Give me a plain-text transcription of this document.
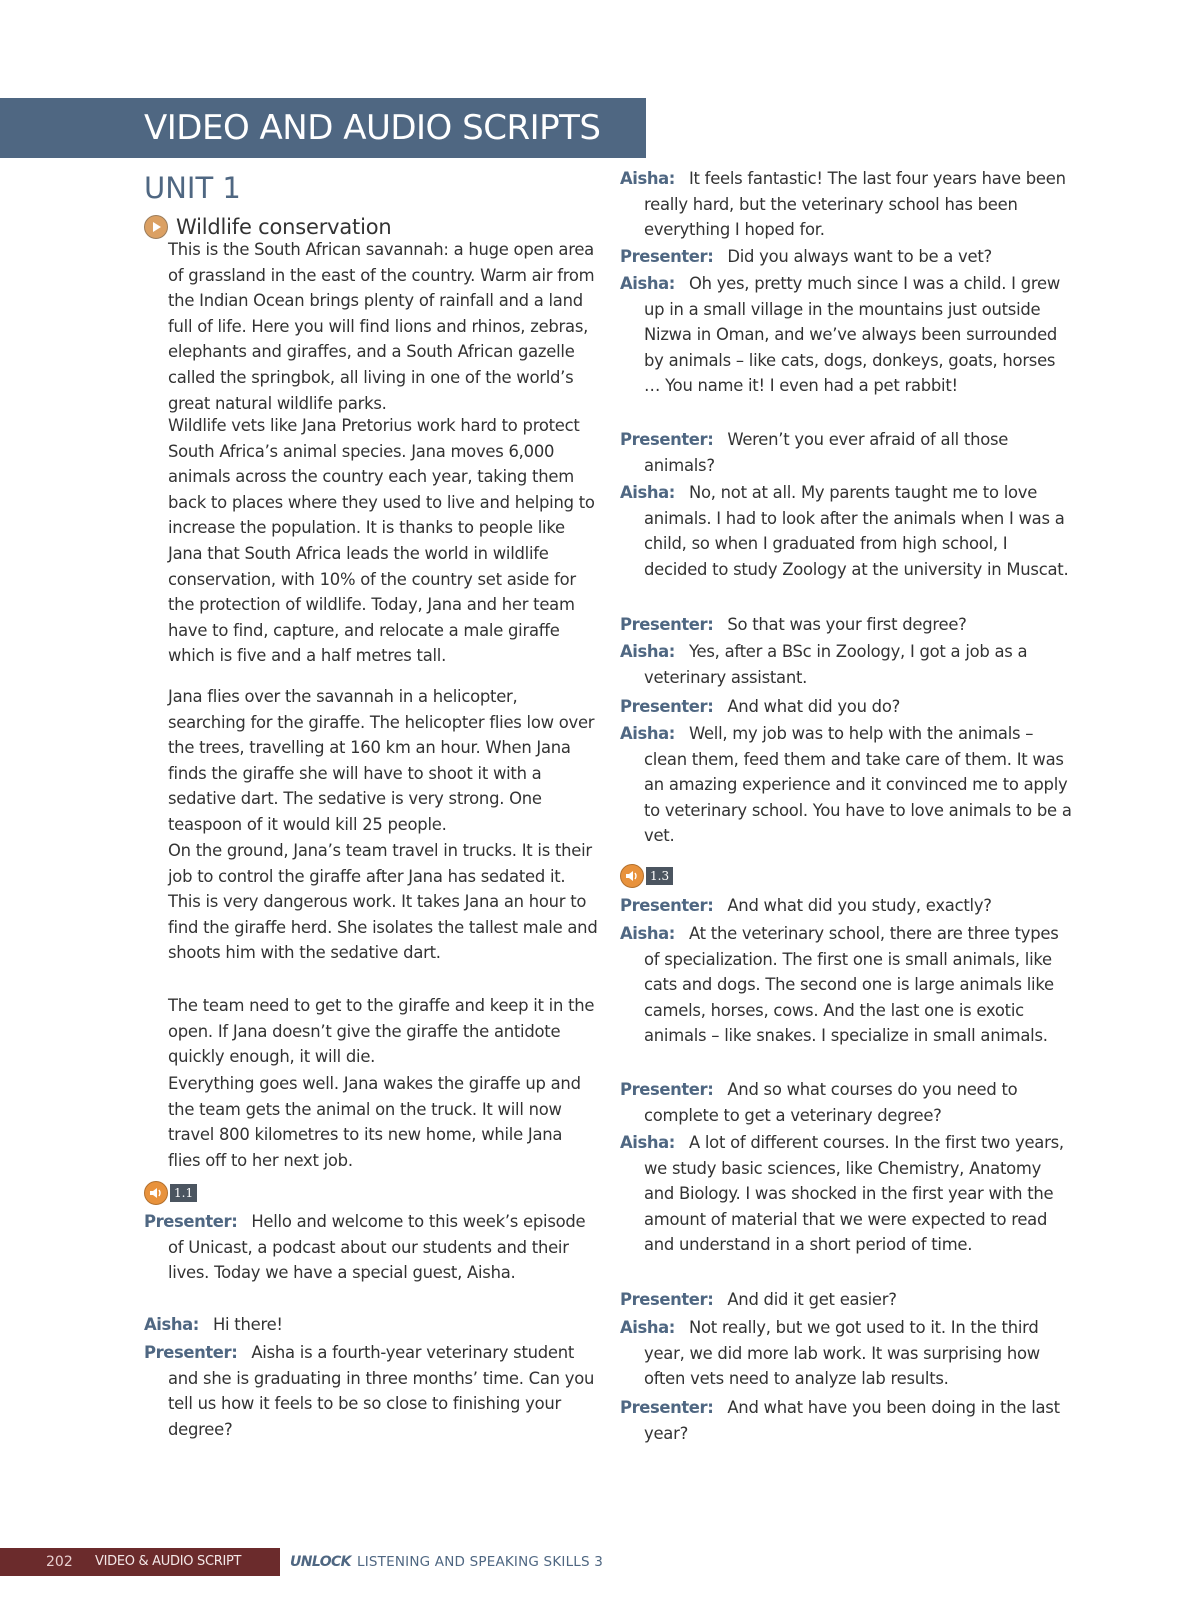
VIDEO AND AUDIO SCRIPTS
UNIT 1
Wildlife conservation

This is the South African savannah: a huge open area of grassland in the east of the country. Warm air from the Indian Ocean brings plenty of rainfall and a land full of life. Here you will find lions and rhinos, zebras, elephants and giraffes, and a South African gazelle called the springbok, all living in one of the world’s great natural wildlife parks.

Wildlife vets like Jana Pretorius work hard to protect South Africa’s animal species. Jana moves 6,000 animals across the country each year, taking them back to places where they used to live and helping to increase the population. It is thanks to people like Jana that South Africa leads the world in wildlife conservation, with 10% of the country set aside for the protection of wildlife. Today, Jana and her team have to find, capture, and relocate a male giraffe which is five and a half metres tall.

Jana flies over the savannah in a helicopter, searching for the giraffe. The helicopter flies low over the trees, travelling at 160 km an hour. When Jana finds the giraffe she will have to shoot it with a sedative dart. The sedative is very strong. One teaspoon of it would kill 25 people.

On the ground, Jana’s team travel in trucks. It is their job to control the giraffe after Jana has sedated it. This is very dangerous work. It takes Jana an hour to find the giraffe herd. She isolates the tallest male and shoots him with the sedative dart.

The team need to get to the giraffe and keep it in the open. If Jana doesn’t give the giraffe the antidote quickly enough, it will die.

Everything goes well. Jana wakes the giraffe up and the team gets the animal on the truck. It will now travel 800 kilometres to its new home, while Jana flies off to her next job.

1.1

Presenter: Hello and welcome to this week’s episode of Unicast, a podcast about our students and their lives. Today we have a special guest, Aisha.

Aisha: Hi there!

Presenter: Aisha is a fourth-year veterinary student and she is graduating in three months’ time. Can you tell us how it feels to be so close to finishing your degree?

Aisha: It feels fantastic! The last four years have been really hard, but the veterinary school has been everything I hoped for.

Presenter: Did you always want to be a vet?

Aisha: Oh yes, pretty much since I was a child. I grew up in a small village in the mountains just outside Nizwa in Oman, and we’ve always been surrounded by animals – like cats, dogs, donkeys, goats, horses … You name it! I even had a pet rabbit!

Presenter: Weren’t you ever afraid of all those animals?

Aisha: No, not at all. My parents taught me to love animals. I had to look after the animals when I was a child, so when I graduated from high school, I decided to study Zoology at the university in Muscat.

Presenter: So that was your first degree?

Aisha: Yes, after a BSc in Zoology, I got a job as a veterinary assistant.

Presenter: And what did you do?

Aisha: Well, my job was to help with the animals – clean them, feed them and take care of them. It was an amazing experience and it convinced me to apply to veterinary school. You have to love animals to be a vet.

1.3

Presenter: And what did you study, exactly?

Aisha: At the veterinary school, there are three types of specialization. The first one is small animals, like cats and dogs. The second one is large animals like camels, horses, cows. And the last one is exotic animals – like snakes. I specialize in small animals.

Presenter: And so what courses do you need to complete to get a veterinary degree?

Aisha: A lot of different courses. In the first two years, we study basic sciences, like Chemistry, Anatomy and Biology. I was shocked in the first year with the amount of material that we were expected to read and understand in a short period of time.

Presenter: And did it get easier?

Aisha: Not really, but we got used to it. In the third year, we did more lab work. It was surprising how often vets need to analyze lab results.

Presenter: And what have you been doing in the last year?

202 VIDEO & AUDIO SCRIPT	UNLOCK LISTENING AND SPEAKING SKILLS 3
